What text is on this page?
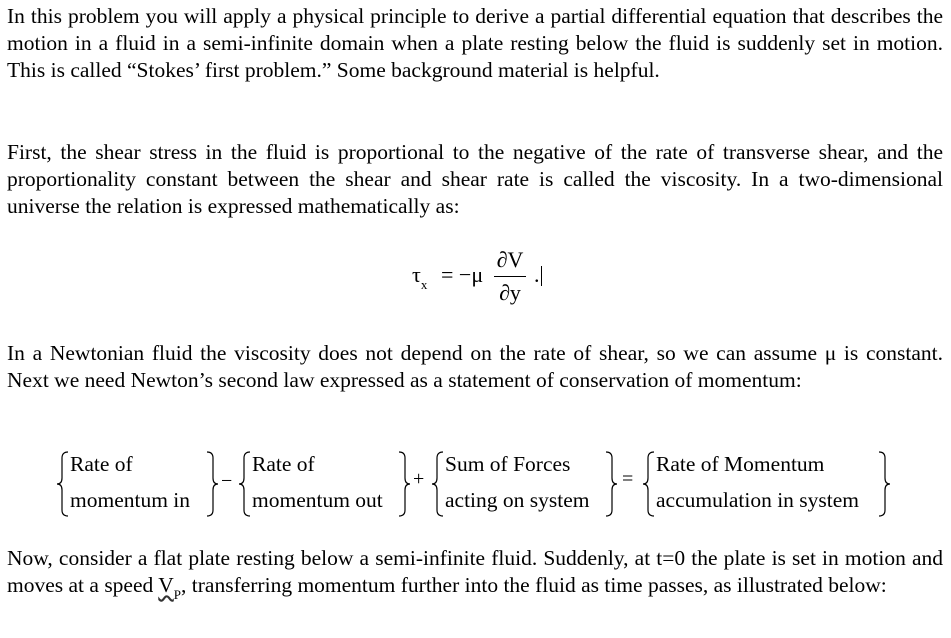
In this problem you will apply a physical principle to derive a partial differential equation that describes the motion in a fluid in a semi-infinite domain when a plate resting below the fluid is suddenly set in motion. This is called “Stokes’ first problem.” Some background material is helpful.

First, the shear stress in the fluid is proportional to the negative of the rate of transverse shear, and the proportionality constant between the shear and shear rate is called the viscosity. In a two-dimensional universe the relation is expressed mathematically as:

$\tau_x = -\mu$
∂V
∂y
.

In a Newtonian fluid the viscosity does not depend on the rate of shear, so we can assume μ is constant. Next we need Newton’s second law expressed as a statement of conservation of momentum:

Rate of
momentum in
−
Rate of
momentum out
+
Sum of Forces
acting on system
=
Rate of Momentum
accumulation in system

Now, consider a flat plate resting below a semi-infinite fluid. Suddenly, at t=0 the plate is set in motion and moves at a speed $V_P$, transferring momentum further into the fluid as time passes, as illustrated below:
